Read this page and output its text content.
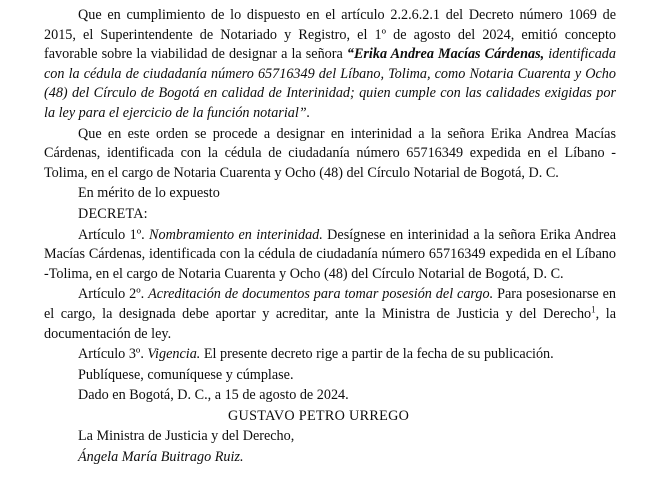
Que en cumplimiento de lo dispuesto en el artículo 2.2.6.2.1 del Decreto número 1069 de 2015, el Superintendente de Notariado y Registro, el 1º de agosto del 2024, emitió concepto favorable sobre la viabilidad de designar a la señora “Erika Andrea Macías Cárdenas, identificada con la cédula de ciudadanía número 65716349 del Líbano, Tolima, como Notaria Cuarenta y Ocho (48) del Círculo de Bogotá en calidad de Interinidad; quien cumple con las calidades exigidas por la ley para el ejercicio de la función notarial”.

Que en este orden se procede a designar en interinidad a la señora Erika Andrea Macías Cárdenas, identificada con la cédula de ciudadanía número 65716349 expedida en el Líbano - Tolima, en el cargo de Notaria Cuarenta y Ocho (48) del Círculo Notarial de Bogotá, D. C.

En mérito de lo expuesto

DECRETA:

Artículo 1º. Nombramiento en interinidad. Desígnese en interinidad a la señora Erika Andrea Macías Cárdenas, identificada con la cédula de ciudadanía número 65716349 expedida en el Líbano -Tolima, en el cargo de Notaria Cuarenta y Ocho (48) del Círculo Notarial de Bogotá, D. C.

Artículo 2º. Acreditación de documentos para tomar posesión del cargo. Para posesionarse en el cargo, la designada debe aportar y acreditar, ante la Ministra de Justicia y del Derecho$^1$, la documentación de ley.

Artículo 3º. Vigencia. El presente decreto rige a partir de la fecha de su publicación.

Publíquese, comuníquese y cúmplase.

Dado en Bogotá, D. C., a 15 de agosto de 2024.

GUSTAVO PETRO URREGO

La Ministra de Justicia y del Derecho,

Ángela María Buitrago Ruiz.
